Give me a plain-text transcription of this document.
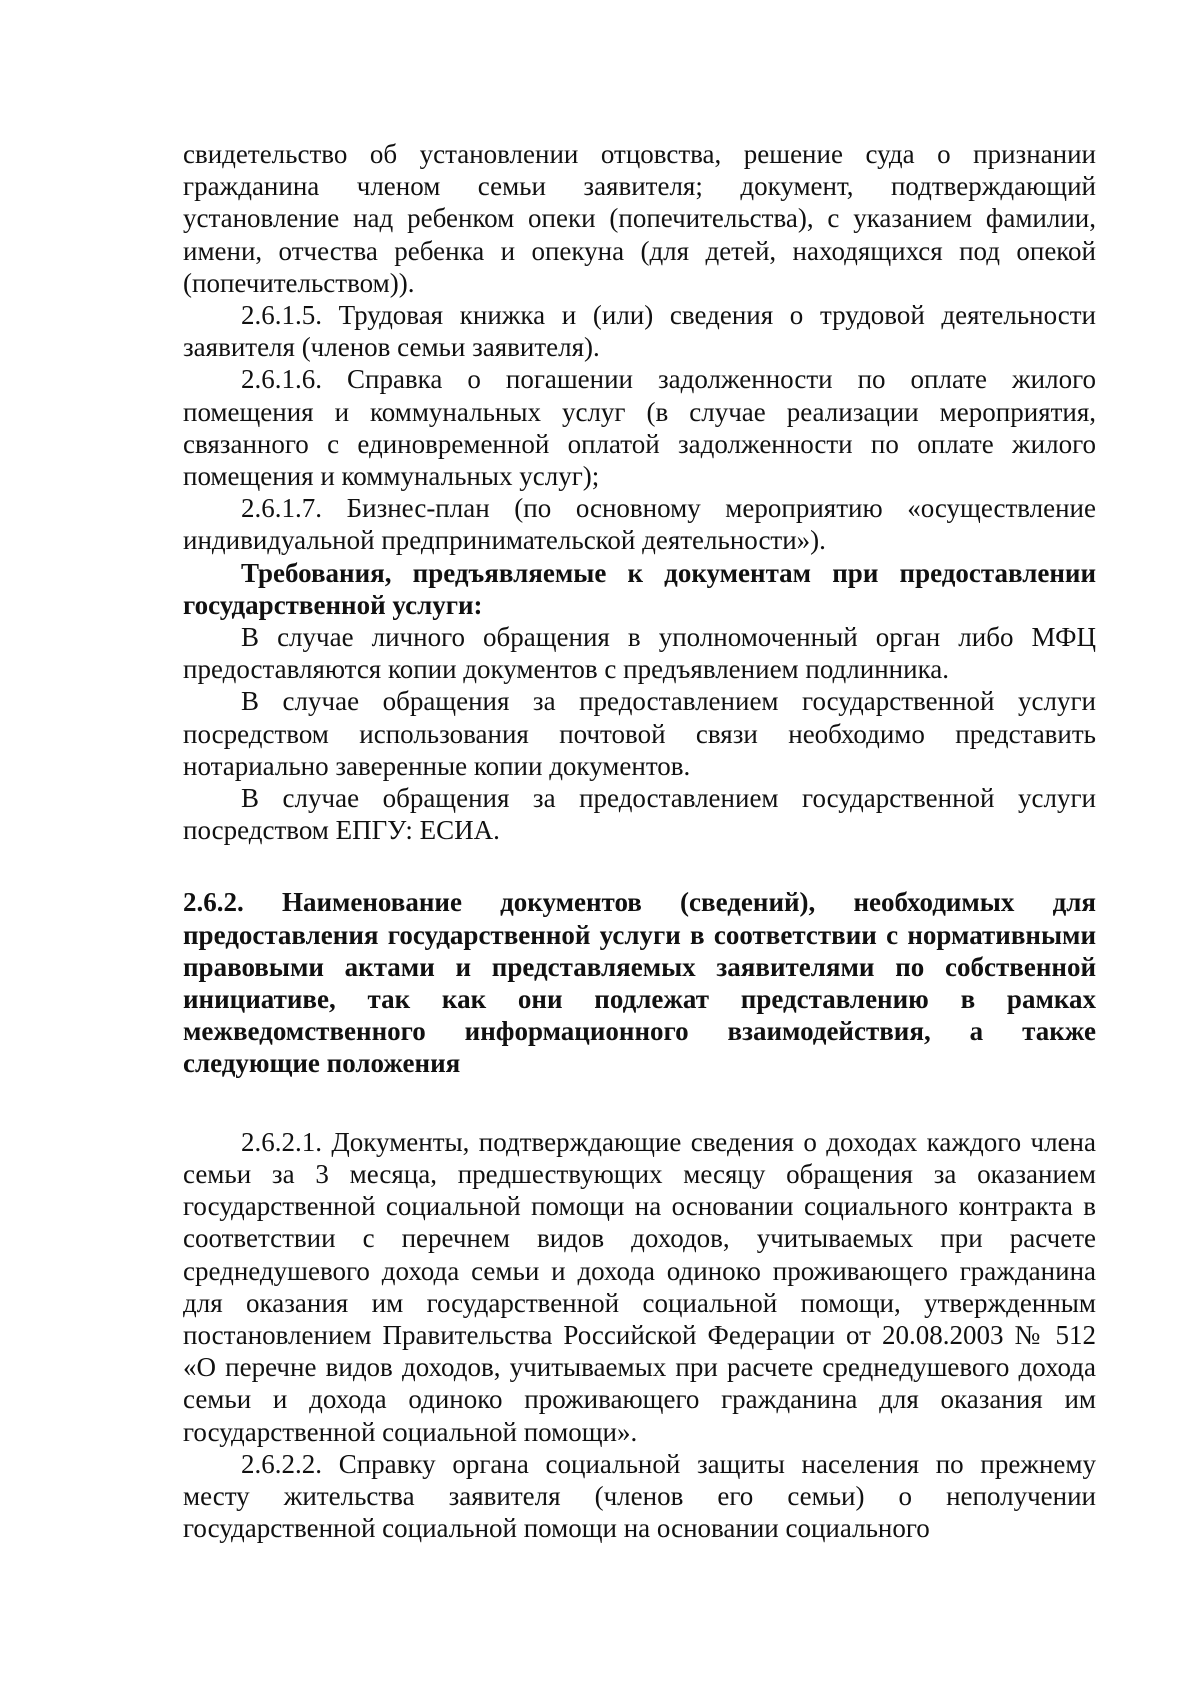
свидетельство об установлении отцовства, решение суда о признании гражданина членом семьи заявителя; документ, подтверждающий установление над ребенком опеки (попечительства), с указанием фамилии, имени, отчества ребенка и опекуна (для детей, находящихся под опекой (попечительством)).

2.6.1.5. Трудовая книжка и (или) сведения о трудовой деятельности заявителя (членов семьи заявителя).

2.6.1.6. Справка о погашении задолженности по оплате жилого помещения и коммунальных услуг (в случае реализации мероприятия, связанного с единовременной оплатой задолженности по оплате жилого помещения и коммунальных услуг);

2.6.1.7. Бизнес-план (по основному мероприятию «осуществление индивидуальной предпринимательской деятельности»).

Требования, предъявляемые к документам при предоставлении государственной услуги:

В случае личного обращения в уполномоченный орган либо МФЦ предоставляются копии документов с предъявлением подлинника.

В случае обращения за предоставлением государственной услуги посредством использования почтовой связи необходимо представить нотариально заверенные копии документов.

В случае обращения за предоставлением государственной услуги посредством ЕПГУ: ЕСИА.

2.6.2. Наименование документов (сведений), необходимых для предоставления государственной услуги в соответствии с нормативными правовыми актами и представляемых заявителями по собственной инициативе, так как они подлежат представлению в рамках межведомственного информационного взаимодействия, а также следующие положения

2.6.2.1. Документы, подтверждающие сведения о доходах каждого члена семьи за 3 месяца, предшествующих месяцу обращения за оказанием государственной социальной помощи на основании социального контракта в соответствии с перечнем видов доходов, учитываемых при расчете среднедушевого дохода семьи и дохода одиноко проживающего гражданина для оказания им государственной социальной помощи, утвержденным постановлением Правительства Российской Федерации от 20.08.2003 № 512 «О перечне видов доходов, учитываемых при расчете среднедушевого дохода семьи и дохода одиноко проживающего гражданина для оказания им государственной социальной помощи».

2.6.2.2. Справку органа социальной защиты населения по прежнему месту жительства заявителя (членов его семьи) о неполучении государственной социальной помощи на основании социального
